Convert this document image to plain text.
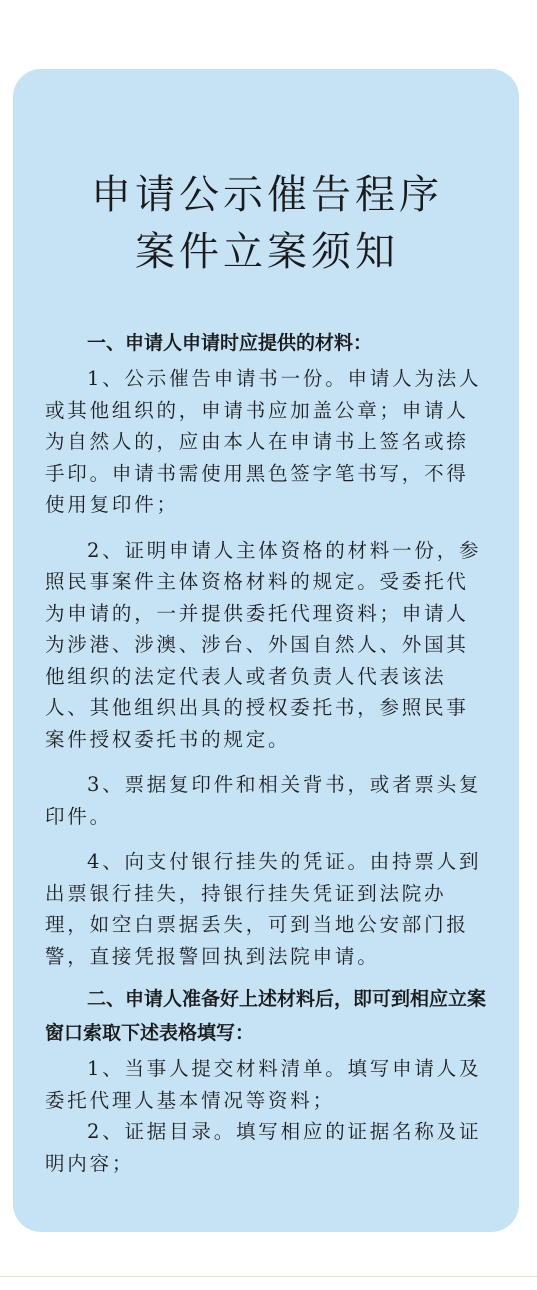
申请公示催告程序
案件立案须知

一、申请人申请时应提供的材料：

1、公示催告申请书一份。申请人为法人或其他组织的，申请书应加盖公章；申请人为自然人的，应由本人在申请书上签名或捺手印。申请书需使用黑色签字笔书写，不得使用复印件；

2、证明申请人主体资格的材料一份，参照民事案件主体资格材料的规定。受委托代为申请的，一并提供委托代理资料；申请人为涉港、涉澳、涉台、外国自然人、外国其他组织的法定代表人或者负责人代表该法人、其他组织出具的授权委托书，参照民事案件授权委托书的规定。

3、票据复印件和相关背书，或者票头复印件。

4、向支付银行挂失的凭证。由持票人到出票银行挂失，持银行挂失凭证到法院办理，如空白票据丢失，可到当地公安部门报警，直接凭报警回执到法院申请。

二、申请人准备好上述材料后，即可到相应立案窗口索取下述表格填写：

1、当事人提交材料清单。填写申请人及委托代理人基本情况等资料；

2、证据目录。填写相应的证据名称及证明内容；
